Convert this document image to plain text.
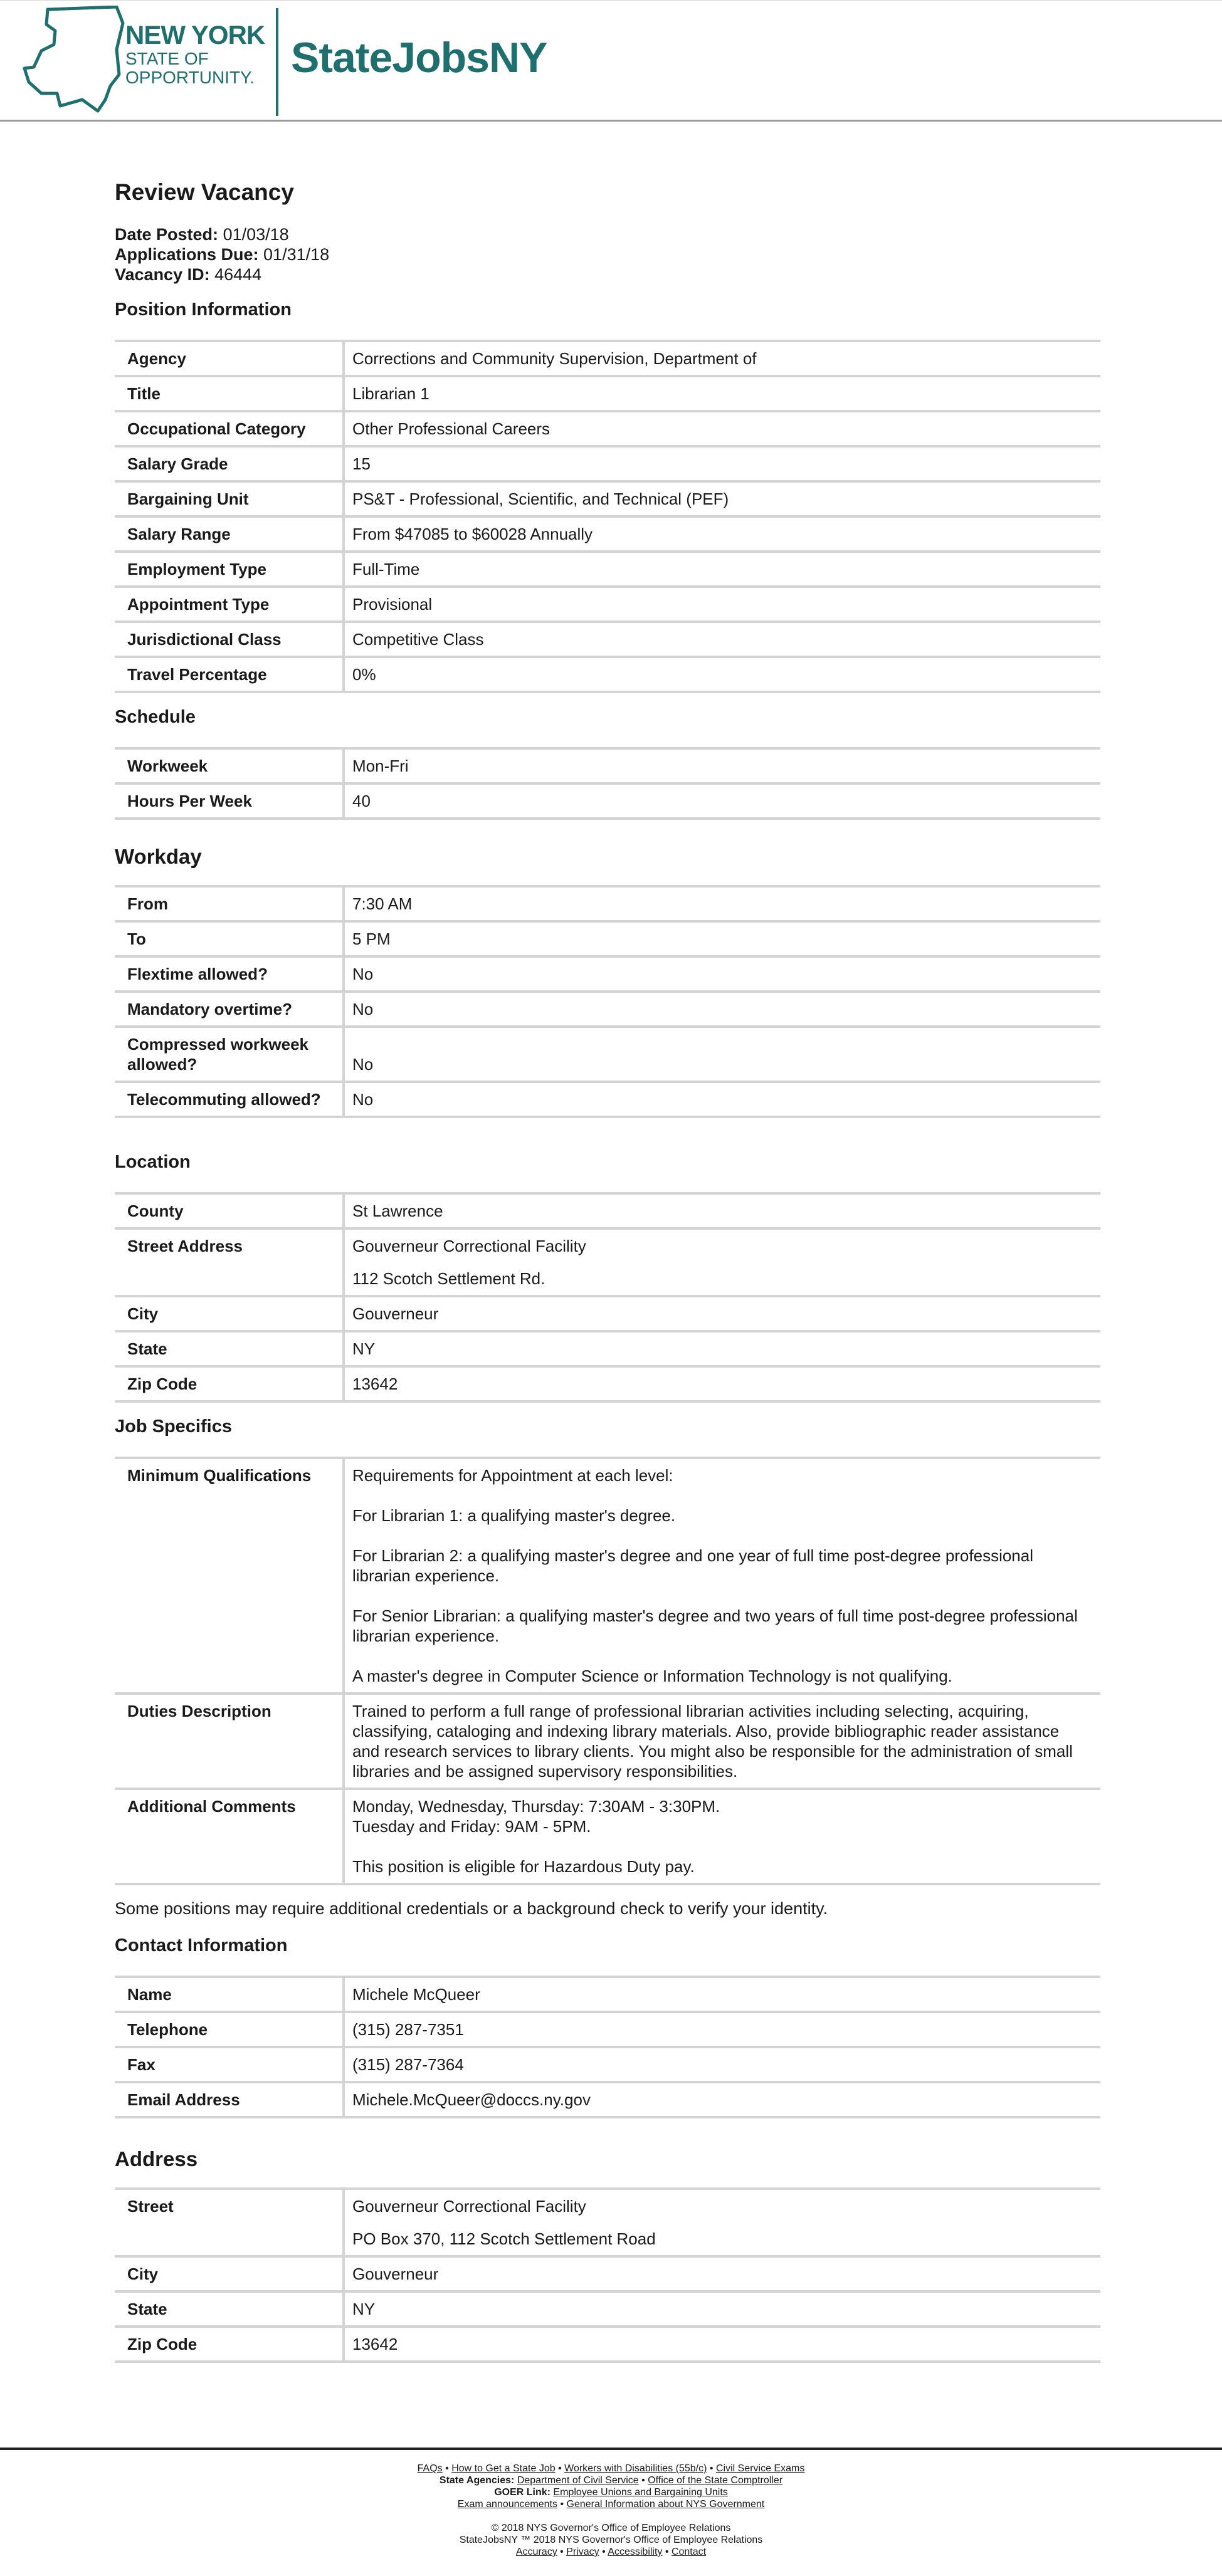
NEW YORK
STATE OF
OPPORTUNITY. StateJobsNY
Review Vacancy
Date Posted: 01/03/18
Applications Due: 01/31/18
Vacancy ID: 46444
Position Information
Agency	Corrections and Community Supervision, Department of
Title	Librarian 1
Occupational Category	Other Professional Careers
Salary Grade	15
Bargaining Unit	PS&T - Professional, Scientific, and Technical (PEF)
Salary Range	From $47085 to $60028 Annually
Employment Type	Full-Time
Appointment Type	Provisional
Jurisdictional Class	Competitive Class
Travel Percentage	0%
Schedule
Workweek	Mon-Fri
Hours Per Week	40
Workday
From	7:30 AM
To	5 PM
Flextime allowed?	No
Mandatory overtime?	No
Compressed workweek allowed?	No
Telecommuting allowed?	No
Location
County	St Lawrence
Street Address	Gouverneur Correctional Facility
112 Scotch Settlement Rd.

City	Gouverneur
State	NY
Zip Code	13642
Job Specifics
Minimum Qualifications	Requirements for Appointment at each level:
For Librarian 1: a qualifying master's degree.
For Librarian 2: a qualifying master's degree and one year of full time post-degree professional librarian experience.
For Senior Librarian: a qualifying master's degree and two years of full time post-degree professional librarian experience.
A master's degree in Computer Science or Information Technology is not qualifying.

Duties Description	Trained to perform a full range of professional librarian activities including selecting, acquiring, classifying, cataloging and indexing library materials. Also, provide bibliographic reader assistance and research services to library clients. You might also be responsible for the administration of small libraries and be assigned supervisory responsibilities.
Additional Comments	Monday, Wednesday, Thursday: 7:30AM - 3:30PM.
Tuesday and Friday: 9AM - 5PM.
This position is eligible for Hazardous Duty pay.
Some positions may require additional credentials or a background check to verify your identity.
Contact Information
Name	Michele McQueer
Telephone	(315) 287-7351
Fax	(315) 287-7364
Email Address	Michele.McQueer@doccs.ny.gov
Address
Street	Gouverneur Correctional Facility
PO Box 370, 112 Scotch Settlement Road

City	Gouverneur
State	NY
Zip Code	13642
FAQs • How to Get a State Job • Workers with Disabilities (55b/c) • Civil Service Exams
State Agencies: Department of Civil Service • Office of the State Comptroller
GOER Link: Employee Unions and Bargaining Units
Exam announcements • General Information about NYS Government
© 2018 NYS Governor's Office of Employee Relations
StateJobsNY ™ 2018 NYS Governor's Office of Employee Relations
Accuracy • Privacy • Accessibility • Contact
